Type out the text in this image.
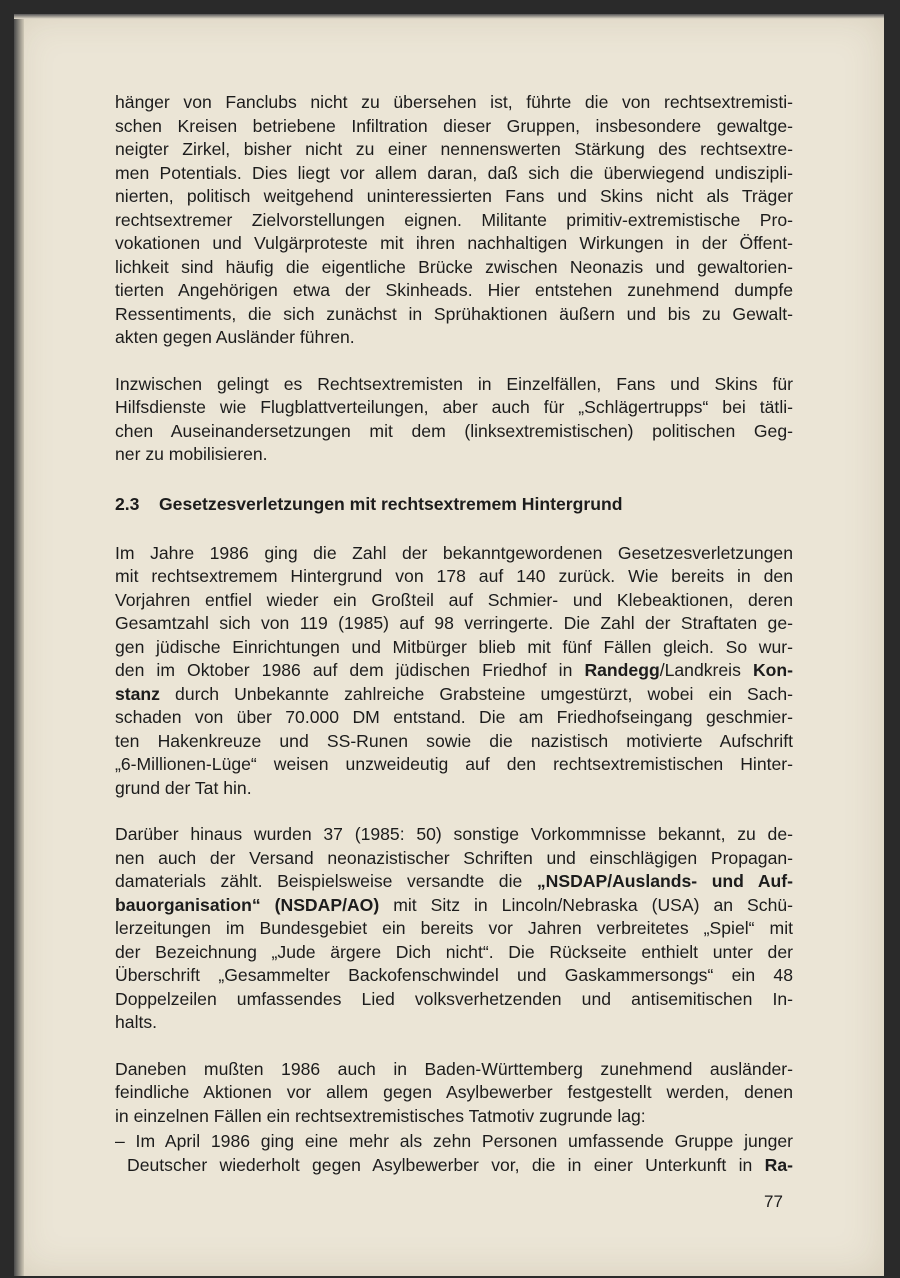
hänger von Fanclubs nicht zu übersehen ist, führte die von rechtsextremisti-
schen Kreisen betriebene Infiltration dieser Gruppen, insbesondere gewaltge-
neigter Zirkel, bisher nicht zu einer nennenswerten Stärkung des rechtsextre-
men Potentials. Dies liegt vor allem daran, daß sich die überwiegend undiszipli-
nierten, politisch weitgehend uninteressierten Fans und Skins nicht als Träger
rechtsextremer Zielvorstellungen eignen. Militante primitiv-extremistische Pro-
vokationen und Vulgärproteste mit ihren nachhaltigen Wirkungen in der Öffent-
lichkeit sind häufig die eigentliche Brücke zwischen Neonazis und gewaltorien-
tierten Angehörigen etwa der Skinheads. Hier entstehen zunehmend dumpfe
Ressentiments, die sich zunächst in Sprühaktionen äußern und bis zu Gewalt-
akten gegen Ausländer führen.
Inzwischen gelingt es Rechtsextremisten in Einzelfällen, Fans und Skins für
Hilfsdienste wie Flugblattverteilungen, aber auch für „Schlägertrupps“ bei tätli-
chen Auseinandersetzungen mit dem (linksextremistischen) politischen Geg-
ner zu mobilisieren.
2.3 Gesetzesverletzungen mit rechtsextremem Hintergrund
Im Jahre 1986 ging die Zahl der bekanntgewordenen Gesetzesverletzungen
mit rechtsextremem Hintergrund von 178 auf 140 zurück. Wie bereits in den
Vorjahren entfiel wieder ein Großteil auf Schmier- und Klebeaktionen, deren
Gesamtzahl sich von 119 (1985) auf 98 verringerte. Die Zahl der Straftaten ge-
gen jüdische Einrichtungen und Mitbürger blieb mit fünf Fällen gleich. So wur-
den im Oktober 1986 auf dem jüdischen Friedhof in Randegg/Landkreis Kon-
stanz durch Unbekannte zahlreiche Grabsteine umgestürzt, wobei ein Sach-
schaden von über 70.000 DM entstand. Die am Friedhofseingang geschmier-
ten Hakenkreuze und SS-Runen sowie die nazistisch motivierte Aufschrift
„6-Millionen-Lüge“ weisen unzweideutig auf den rechtsextremistischen Hinter-
grund der Tat hin.
Darüber hinaus wurden 37 (1985: 50) sonstige Vorkommnisse bekannt, zu de-
nen auch der Versand neonazistischer Schriften und einschlägigen Propagan-
damaterials zählt. Beispielsweise versandte die „NSDAP/Auslands- und Auf-
bauorganisation“ (NSDAP/AO) mit Sitz in Lincoln/Nebraska (USA) an Schü-
lerzeitungen im Bundesgebiet ein bereits vor Jahren verbreitetes „Spiel“ mit
der Bezeichnung „Jude ärgere Dich nicht“. Die Rückseite enthielt unter der
Überschrift „Gesammelter Backofenschwindel und Gaskammersongs“ ein 48
Doppelzeilen umfassendes Lied volksverhetzenden und antisemitischen In-
halts.
Daneben mußten 1986 auch in Baden-Württemberg zunehmend ausländer-
feindliche Aktionen vor allem gegen Asylbewerber festgestellt werden, denen
in einzelnen Fällen ein rechtsextremistisches Tatmotiv zugrunde lag:
– Im April 1986 ging eine mehr als zehn Personen umfassende Gruppe junger
Deutscher wiederholt gegen Asylbewerber vor, die in einer Unterkunft in Ra-
77
